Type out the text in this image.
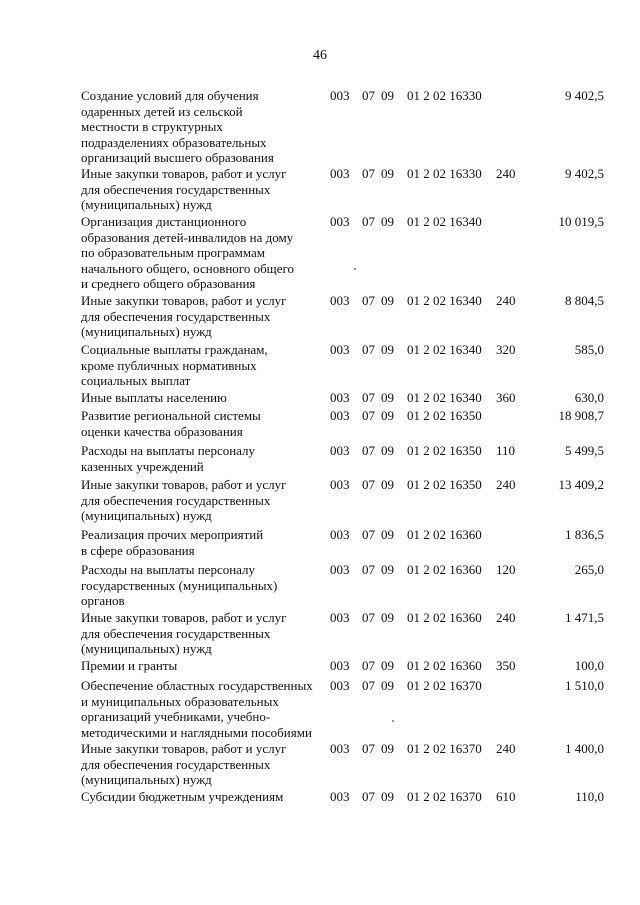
46
Создание условий для обучения
одаренных детей из сельской
местности в структурных
подразделениях образовательных
организаций высшего образования
003 07 09 01 2 02 16330	9 402,5
Иные закупки товаров, работ и услуг
для обеспечения государственных
(муниципальных) нужд
003 07 09 01 2 02 16330 240	9 402,5
Организация дистанционного
образования детей-инвалидов на дому
по образовательным программам
начального общего, основного общего
и среднего общего образования
003 07 09 01 2 02 16340	10 019,5
Иные закупки товаров, работ и услуг
для обеспечения государственных
(муниципальных) нужд
003 07 09 01 2 02 16340 240	8 804,5
Социальные выплаты гражданам,
кроме публичных нормативных
социальных выплат
003 07 09 01 2 02 16340 320	585,0
Иные выплаты населению	003 07 09 01 2 02 16340 360	630,0
Развитие региональной системы
оценки качества образования
003 07 09 01 2 02 16350	18 908,7
Расходы на выплаты персоналу
казенных учреждений
003 07 09 01 2 02 16350 110	5 499,5
Иные закупки товаров, работ и услуг
для обеспечения государственных
(муниципальных) нужд
003 07 09 01 2 02 16350 240	13 409,2
Реализация прочих мероприятий
в сфере образования
003 07 09 01 2 02 16360	1 836,5
Расходы на выплаты персоналу
государственных (муниципальных)
органов
003 07 09 01 2 02 16360 120	265,0
Иные закупки товаров, работ и услуг
для обеспечения государственных
(муниципальных) нужд
003 07 09 01 2 02 16360 240	1 471,5
Премии и гранты	003 07 09 01 2 02 16360 350	100,0
Обеспечение областных государственных
и муниципальных образовательных
организаций учебниками, учебно-
методическими и наглядными пособиями
003 07 09 01 2 02 16370	1 510,0
Иные закупки товаров, работ и услуг
для обеспечения государственных
(муниципальных) нужд
003 07 09 01 2 02 16370 240	1 400,0
Субсидии бюджетным учреждениям	003 07 09 01 2 02 16370 610	110,0
